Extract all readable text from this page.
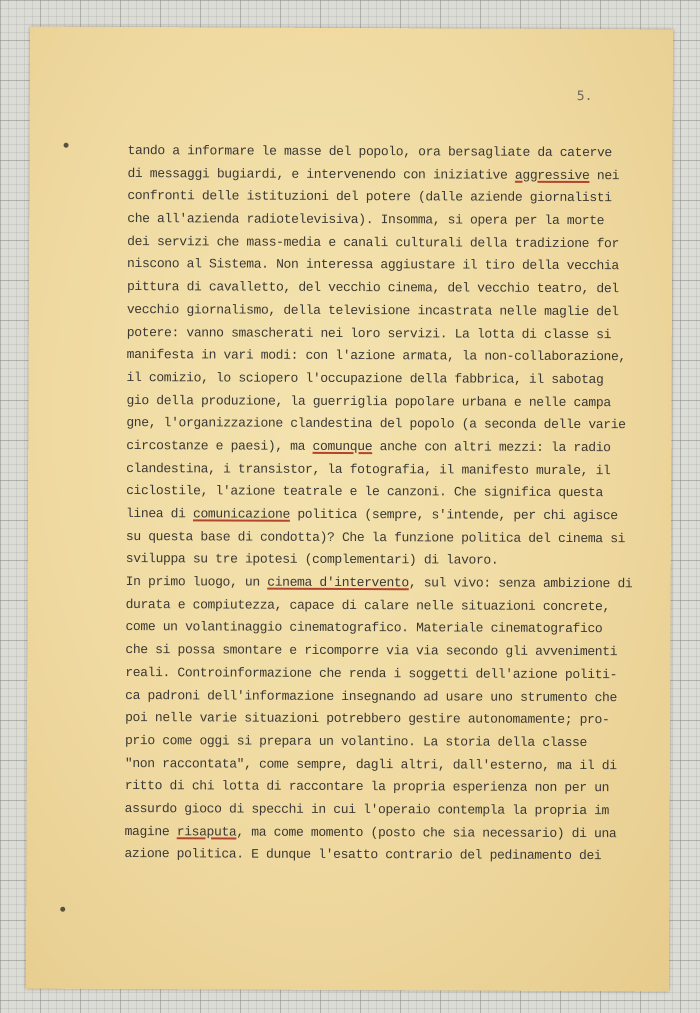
5.
tando a informare le masse del popolo, ora bersagliate da caterve
di messaggi bugiardi, e intervenendo con iniziative aggressive nei
confronti delle istituzioni del potere (dalle aziende giornalisti
che all'azienda radiotelevisiva). Insomma, si opera per la morte
dei servizi che mass-media e canali culturali della tradizione for
niscono al Sistema. Non interessa aggiustare il tiro della vecchia
pittura di cavalletto, del vecchio cinema, del vecchio teatro, del
vecchio giornalismo, della televisione incastrata nelle maglie del
potere: vanno smascherati nei loro servizi. La lotta di classe si
manifesta in vari modi: con l'azione armata, la non-collaborazione,
il comizio, lo sciopero l'occupazione della fabbrica, il sabotag
gio della produzione, la guerriglia popolare urbana e nelle campa
gne, l'organizzazione clandestina del popolo (a seconda delle varie
circostanze e paesi), ma comunque anche con altri mezzi: la radio
clandestina, i transistor, la fotografia, il manifesto murale, il
ciclostile, l'azione teatrale e le canzoni. Che significa questa
linea di comunicazione politica (sempre, s'intende, per chi agisce
su questa base di condotta)? Che la funzione politica del cinema si
sviluppa su tre ipotesi (complementari) di lavoro.
In primo luogo, un cinema d'intervento, sul vivo: senza ambizione di
durata e compiutezza, capace di calare nelle situazioni concrete,
come un volantinaggio cinematografico. Materiale cinematografico
che si possa smontare e ricomporre via via secondo gli avvenimenti
reali. Controinformazione che renda i soggetti dell'azione politi-
ca padroni dell'informazione insegnando ad usare uno strumento che
poi nelle varie situazioni potrebbero gestire autonomamente; pro-
prio come oggi si prepara un volantino. La storia della classe
"non raccontata", come sempre, dagli altri, dall'esterno, ma il di
ritto di chi lotta di raccontare la propria esperienza non per un
assurdo gioco di specchi in cui l'operaio contempla la propria im
magine risaputa, ma come momento (posto che sia necessario) di una
azione politica. E dunque l'esatto contrario del pedinamento dei
